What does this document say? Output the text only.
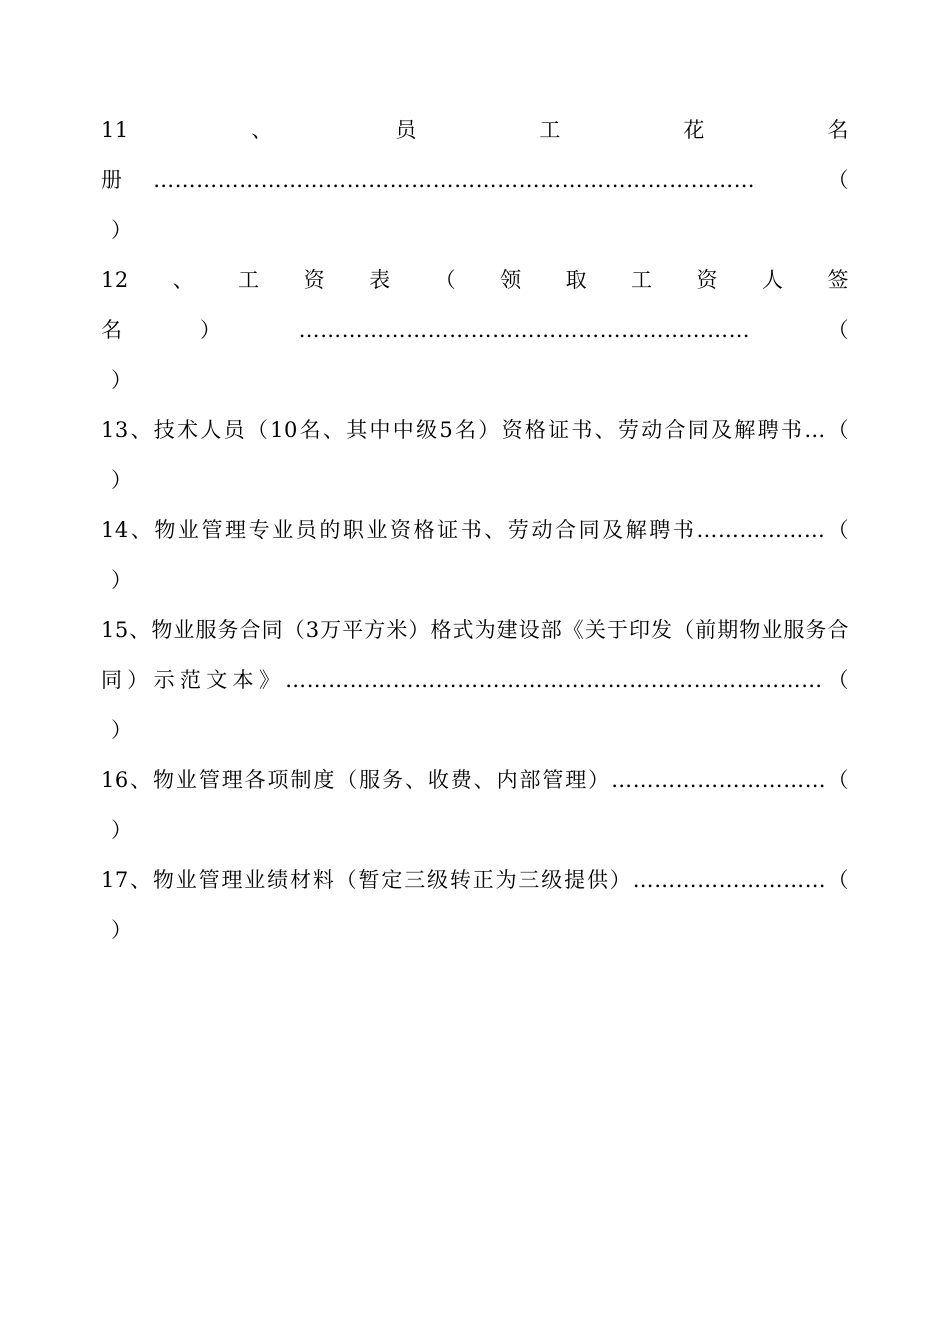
11、员工花名册…………………………………………………………………………　（
）
12、工资表（领取工资人签名）………………………………………………………（
）
13、技术人员（10名、其中中级5名）资格证书、劳动合同及解聘书…（
）
14、物业管理专业员的职业资格证书、劳动合同及解聘书………………（
）
15、物业服务合同（3万平方米）格式为建设部《关于印发（前期物业服务合同）示范文本》…………………………………………………………………（
）
16、物业管理各项制度（服务、收费、内部管理）…………………………（
）
17、物业管理业绩材料（暂定三级转正为三级提供）………………………（
）
